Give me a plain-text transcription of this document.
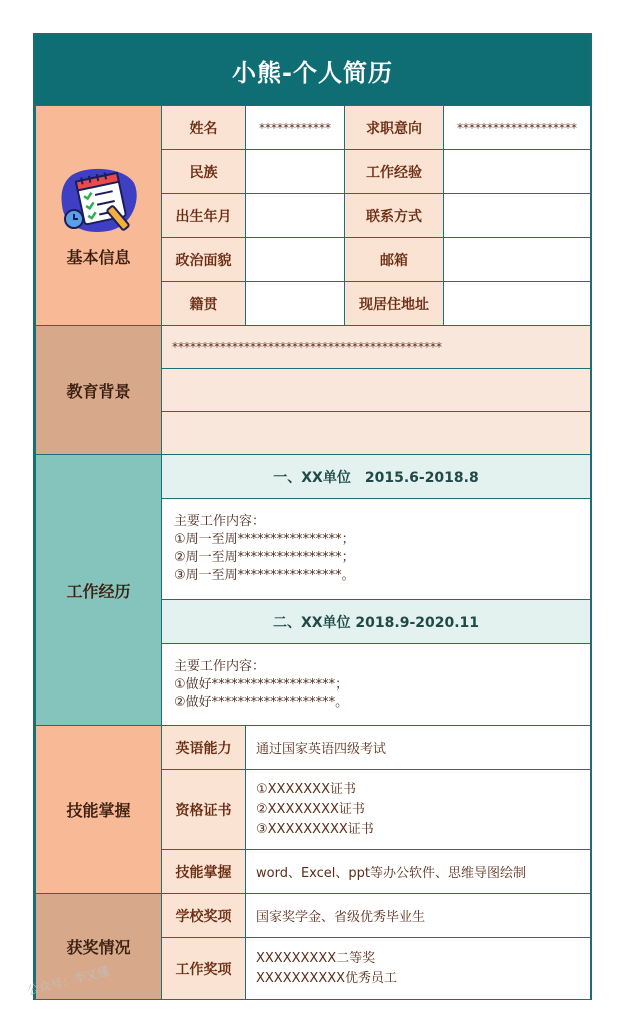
小熊-个人简历
基本信息	姓名	************	求职意向	********************
	民族		工作经验	
	出生年月		联系方式	
	政治面貌		邮箱	
	籍贯		现居住地址	
教育背景	*********************************************			

工作经历	一、XX单位　2015.6-2018.8			

	主要工作内容：
①周一至周****************；
②周一至周****************；
③周一至周****************。			

	二、XX单位 2018.9-2020.11			

	主要工作内容：
①做好*******************；
②做好*******************。			

技能掌握	英语能力	通过国家英语四级考试		
	资格证书	①XXXXXXX证书
②XXXXXXXX证书
③XXXXXXXXX证书		

	技能掌握	word、Excel、ppt等办公软件、思维导图绘制		
获奖情况	学校奖项	国家奖学金、省级优秀毕业生		
	工作奖项	XXXXXXXXX二等奖
XXXXXXXXXX优秀员工		
公众号：李又懂
